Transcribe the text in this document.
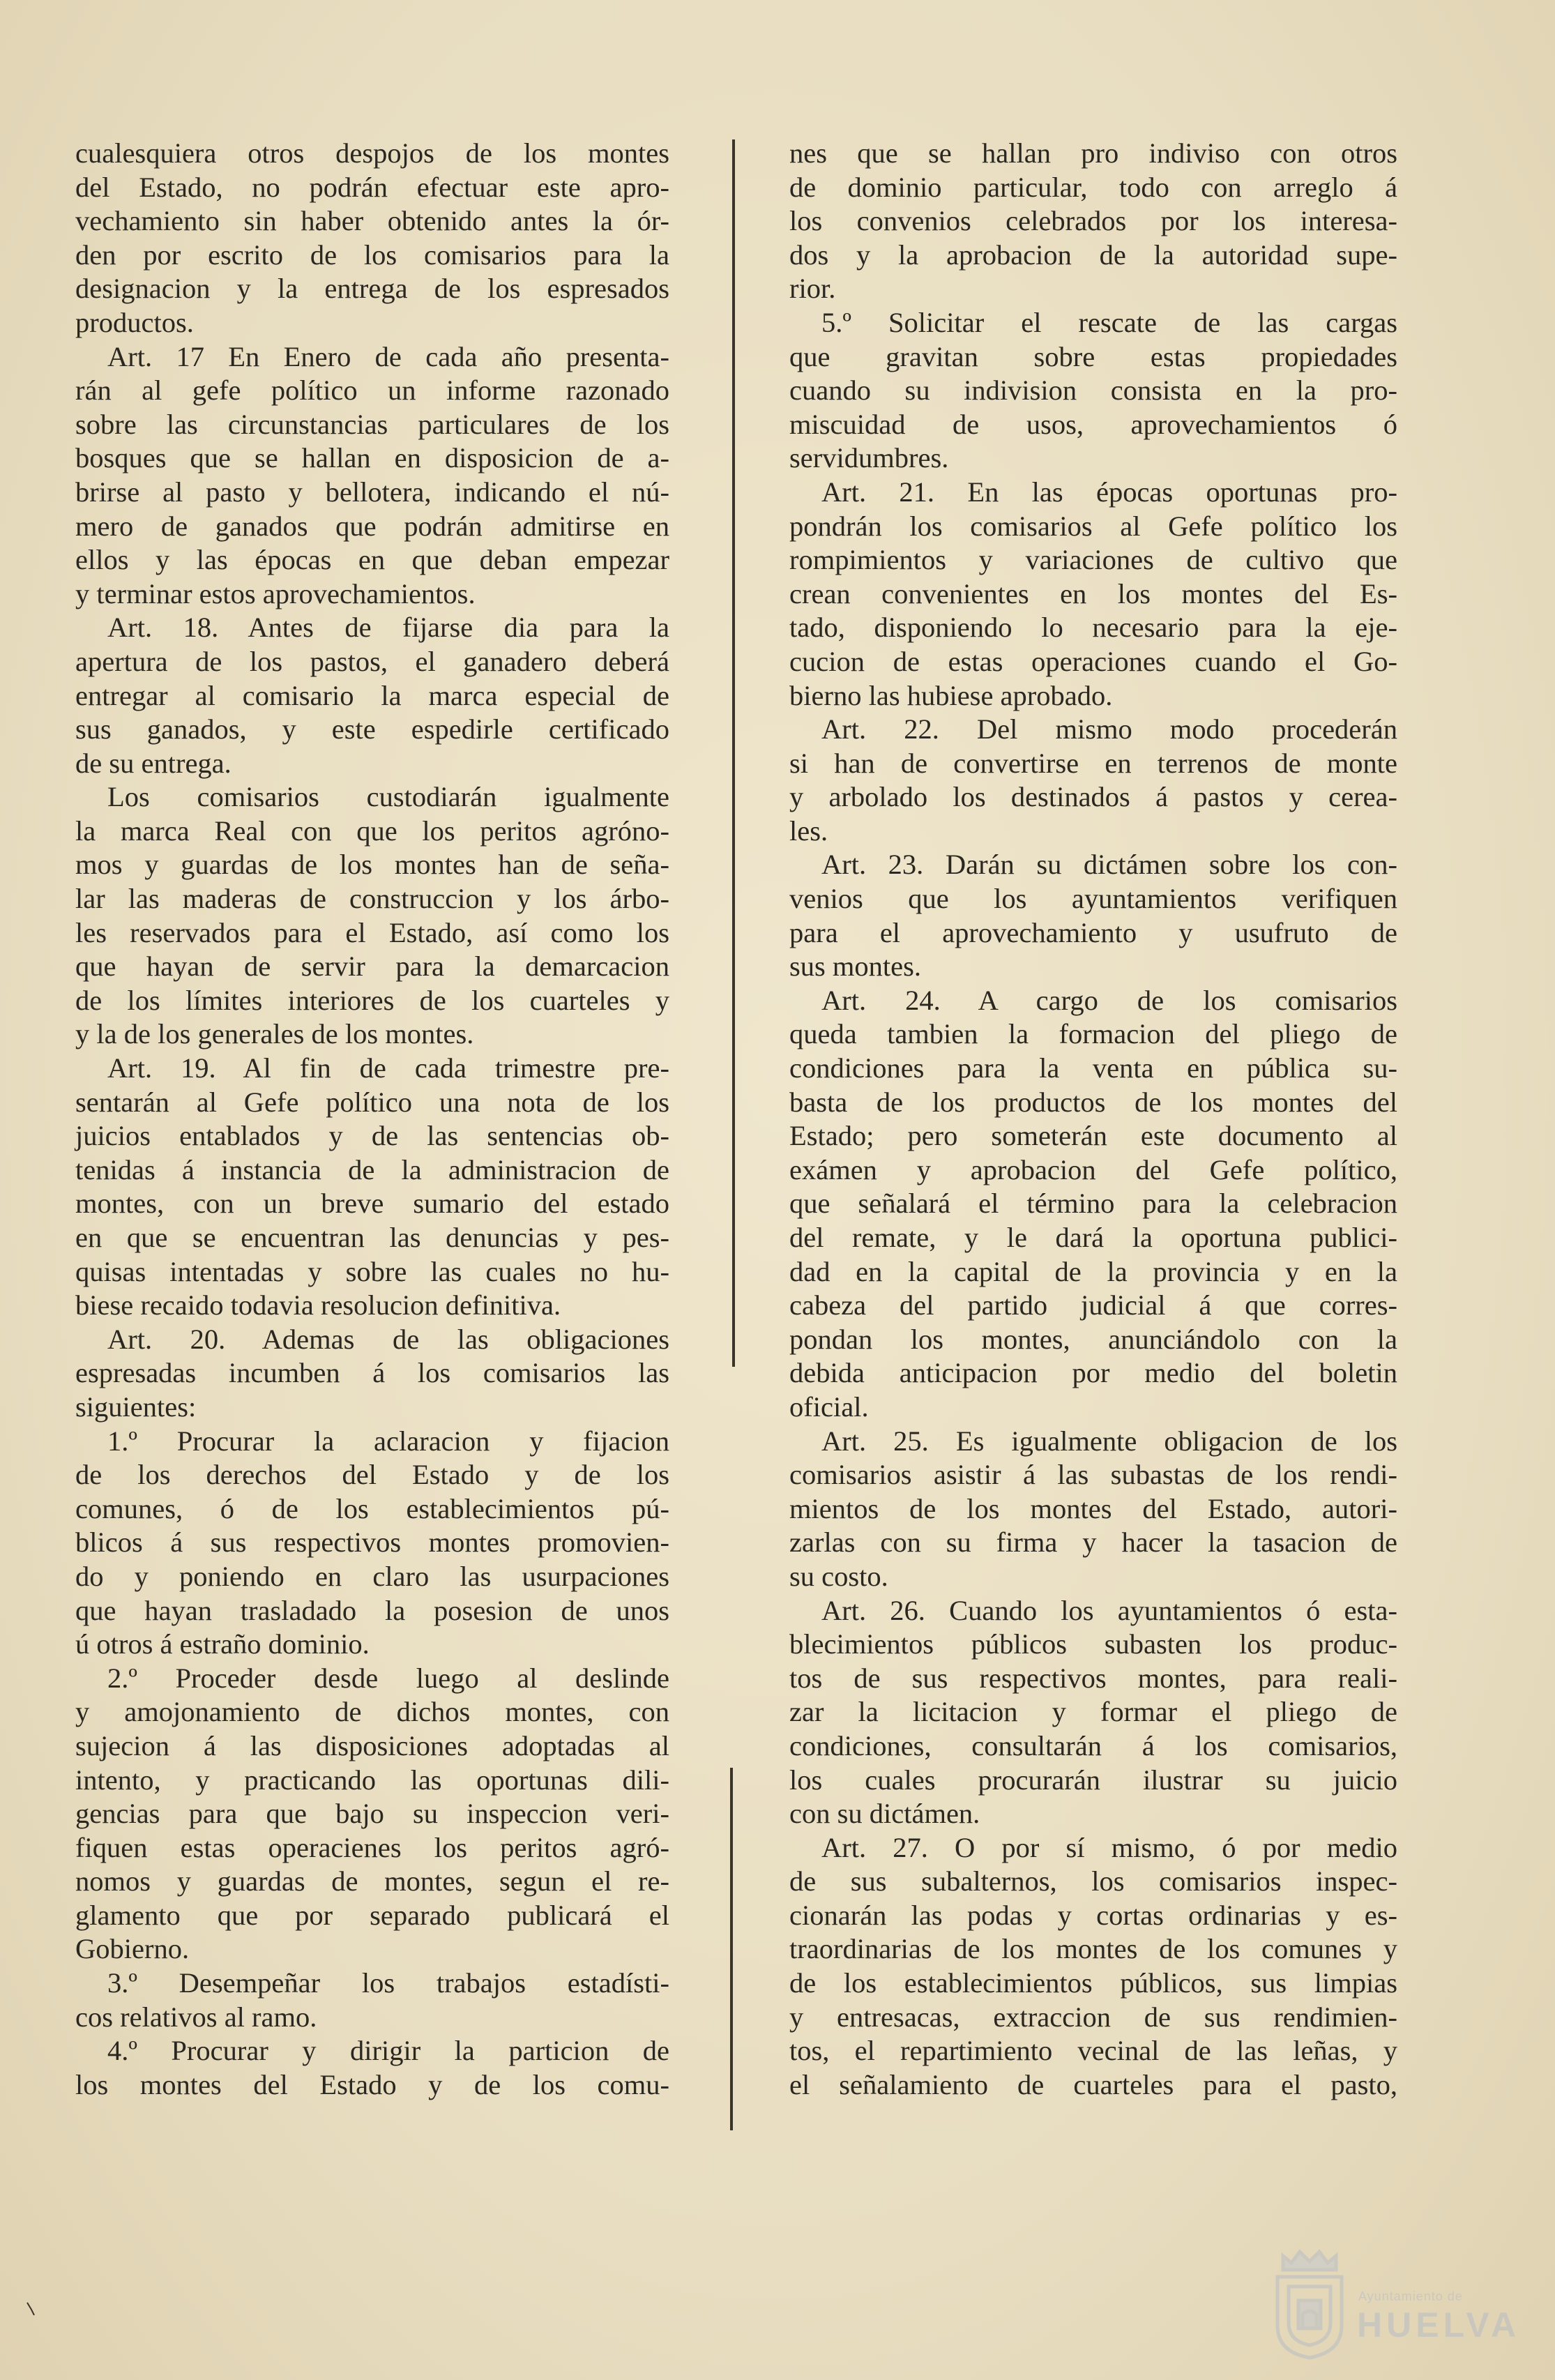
cualesquiera otros despojos de los montes
del Estado, no podrán efectuar este apro-
vechamiento sin haber obtenido antes la ór-
den por escrito de los comisarios para la
designacion y la entrega de los espresados
productos.
Art. 17 En Enero de cada año presenta-
rán al gefe político un informe razonado
sobre las circunstancias particulares de los
bosques que se hallan en disposicion de a-
brirse al pasto y bellotera, indicando el nú-
mero de ganados que podrán admitirse en
ellos y las épocas en que deban empezar
y terminar estos aprovechamientos.
Art. 18. Antes de fijarse dia para la
apertura de los pastos, el ganadero deberá
entregar al comisario la marca especial de
sus ganados, y este espedirle certificado
de su entrega.
Los comisarios custodiarán igualmente
la marca Real con que los peritos agróno-
mos y guardas de los montes han de seña-
lar las maderas de construccion y los árbo-
les reservados para el Estado, así como los
que hayan de servir para la demarcacion
de los límites interiores de los cuarteles y
y la de los generales de los montes.
Art. 19. Al fin de cada trimestre pre-
sentarán al Gefe político una nota de los
juicios entablados y de las sentencias ob-
tenidas á instancia de la administracion de
montes, con un breve sumario del estado
en que se encuentran las denuncias y pes-
quisas intentadas y sobre las cuales no hu-
biese recaido todavia resolucion definitiva.
Art. 20. Ademas de las obligaciones
espresadas incumben á los comisarios las
siguientes:
1.º Procurar la aclaracion y fijacion
de los derechos del Estado y de los
comunes, ó de los establecimientos pú-
blicos á sus respectivos montes promovien-
do y poniendo en claro las usurpaciones
que hayan trasladado la posesion de unos
ú otros á estraño dominio.
2.º Proceder desde luego al deslinde
y amojonamiento de dichos montes, con
sujecion á las disposiciones adoptadas al
intento, y practicando las oportunas dili-
gencias para que bajo su inspeccion veri-
fiquen estas operacienes los peritos agró-
nomos y guardas de montes, segun el re-
glamento que por separado publicará el
Gobierno.
3.º Desempeñar los trabajos estadísti-
cos relativos al ramo.
4.º Procurar y dirigir la particion de
los montes del Estado y de los comu-
nes que se hallan pro indiviso con otros
de dominio particular, todo con arreglo á
los convenios celebrados por los interesa-
dos y la aprobacion de la autoridad supe-
rior.
5.º Solicitar el rescate de las cargas
que gravitan sobre estas propiedades
cuando su indivision consista en la pro-
miscuidad de usos, aprovechamientos ó
servidumbres.
Art. 21. En las épocas oportunas pro-
pondrán los comisarios al Gefe político los
rompimientos y variaciones de cultivo que
crean convenientes en los montes del Es-
tado, disponiendo lo necesario para la eje-
cucion de estas operaciones cuando el Go-
bierno las hubiese aprobado.
Art. 22. Del mismo modo procederán
si han de convertirse en terrenos de monte
y arbolado los destinados á pastos y cerea-
les.
Art. 23. Darán su dictámen sobre los con-
venios que los ayuntamientos verifiquen
para el aprovechamiento y usufruto de
sus montes.
Art. 24. A cargo de los comisarios
queda tambien la formacion del pliego de
condiciones para la venta en pública su-
basta de los productos de los montes del
Estado; pero someterán este documento al
exámen y aprobacion del Gefe político,
que señalará el término para la celebracion
del remate, y le dará la oportuna publici-
dad en la capital de la provincia y en la
cabeza del partido judicial á que corres-
pondan los montes, anunciándolo con la
debida anticipacion por medio del boletin
oficial.
Art. 25. Es igualmente obligacion de los
comisarios asistir á las subastas de los rendi-
mientos de los montes del Estado, autori-
zarlas con su firma y hacer la tasacion de
su costo.
Art. 26. Cuando los ayuntamientos ó esta-
blecimientos públicos subasten los produc-
tos de sus respectivos montes, para reali-
zar la licitacion y formar el pliego de
condiciones, consultarán á los comisarios,
los cuales procurarán ilustrar su juicio
con su dictámen.
Art. 27. O por sí mismo, ó por medio
de sus subalternos, los comisarios inspec-
cionarán las podas y cortas ordinarias y es-
traordinarias de los montes de los comunes y
de los establecimientos públicos, sus limpias
y entresacas, extraccion de sus rendimien-
tos, el repartimiento vecinal de las leñas, y
el señalamiento de cuarteles para el pasto,
Ayuntamiento de
HUELVA
